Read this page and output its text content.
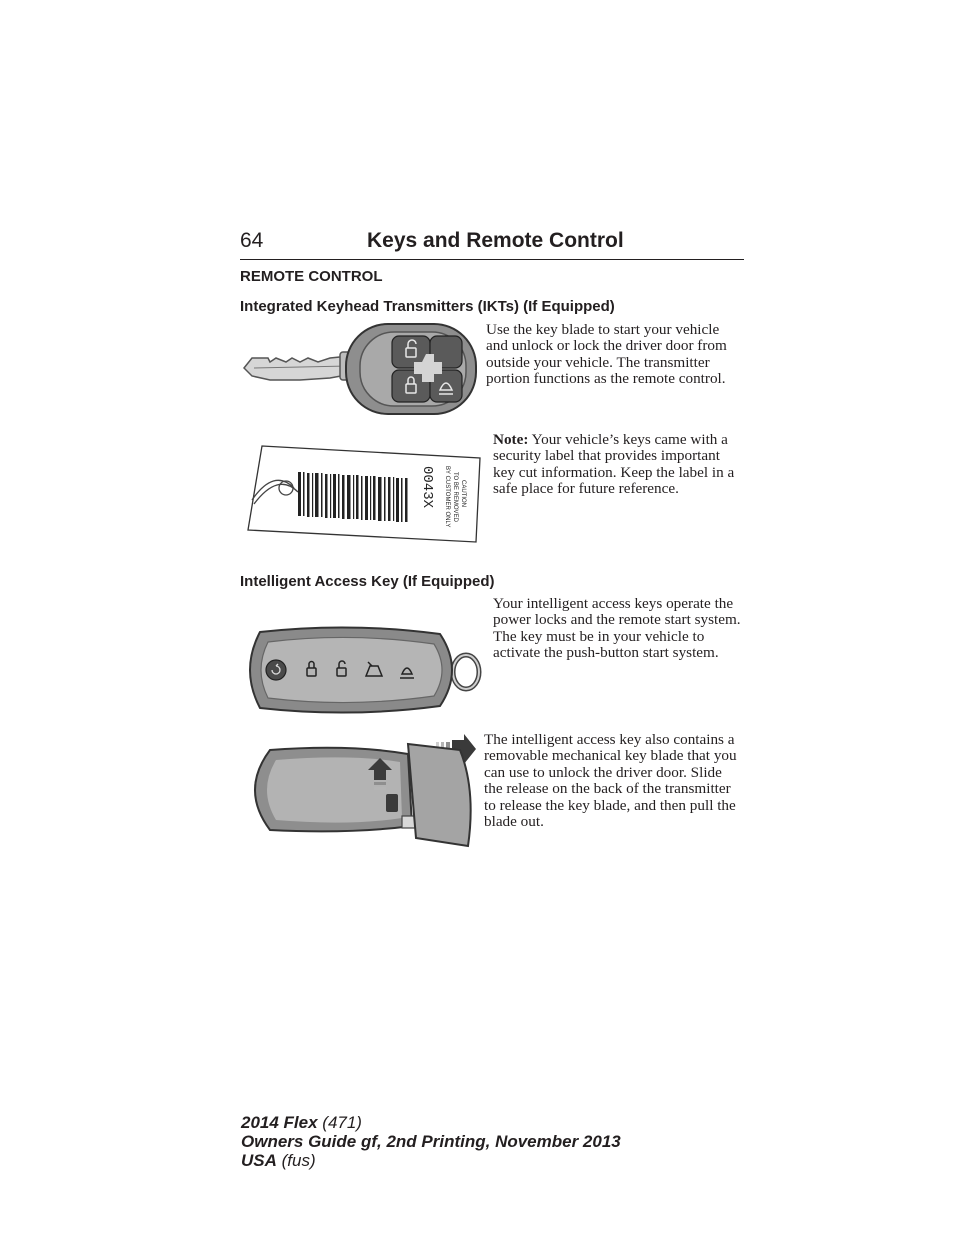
64	Keys and Remote Control
REMOTE CONTROL
Integrated Keyhead Transmitters (IKTs) (If Equipped)
Use the key blade to start your vehicle and unlock or lock the driver door from outside your vehicle. The transmitter portion functions as the remote control.
0043X	CAUTION
TO BE REMOVED
BY CUSTOMER ONLY
Note: Your vehicle’s keys came with a security label that provides important key cut information. Keep the label in a safe place for future reference.
Intelligent Access Key (If Equipped)
Your intelligent access keys operate the power locks and the remote start system. The key must be in your vehicle to activate the push-button start system.
The intelligent access key also contains a removable mechanical key blade that you can use to unlock the driver door. Slide the release on the back of the transmitter to release the key blade, and then pull the blade out.
2014 Flex (471)
Owners Guide gf, 2nd Printing, November 2013
USA (fus)
